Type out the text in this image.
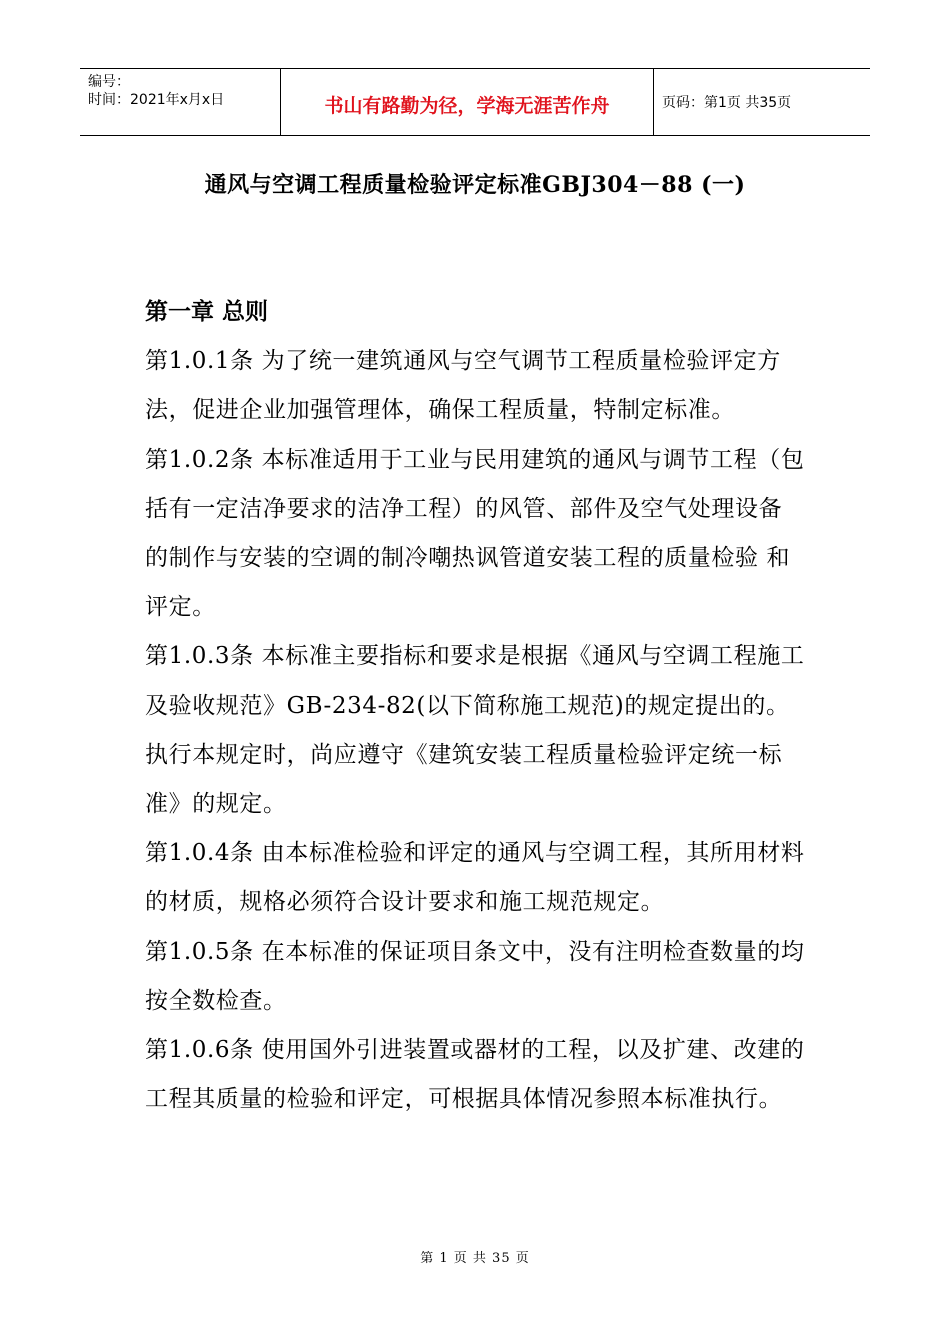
编号：
时间：2021年x月x日	书山有路勤为径，学海无涯苦作舟	页码：第1页 共35页
通风与空调工程质量检验评定标准GBJ304－88 (一)
第一章 总则

第1.0.1条 为了统一建筑通风与空气调节工程质量检验评定方法，促进企业加强管理体，确保工程质量，特制定标准。

第1.0.2条 本标准适用于工业与民用建筑的通风与调节工程（包括有一定洁净要求的洁净工程）的风管、部件及空气处理设备的制作与安装的空调的制冷嘲热讽管道安装工程的质量检验 和评定。

第1.0.3条 本标准主要指标和要求是根据《通风与空调工程施工及验收规范》GB-234-82(以下简称施工规范)的规定提出的。执行本规定时，尚应遵守《建筑安装工程质量检验评定统一标准》的规定。

第1.0.4条 由本标准检验和评定的通风与空调工程，其所用材料的材质，规格必须符合设计要求和施工规范规定。

第1.0.5条 在本标准的保证项目条文中，没有注明检查数量的均按全数检查。

第1.0.6条 使用国外引进装置或器材的工程，以及扩建、改建的工程其质量的检验和评定，可根据具体情况参照本标准执行。

第 1 页 共 35 页
